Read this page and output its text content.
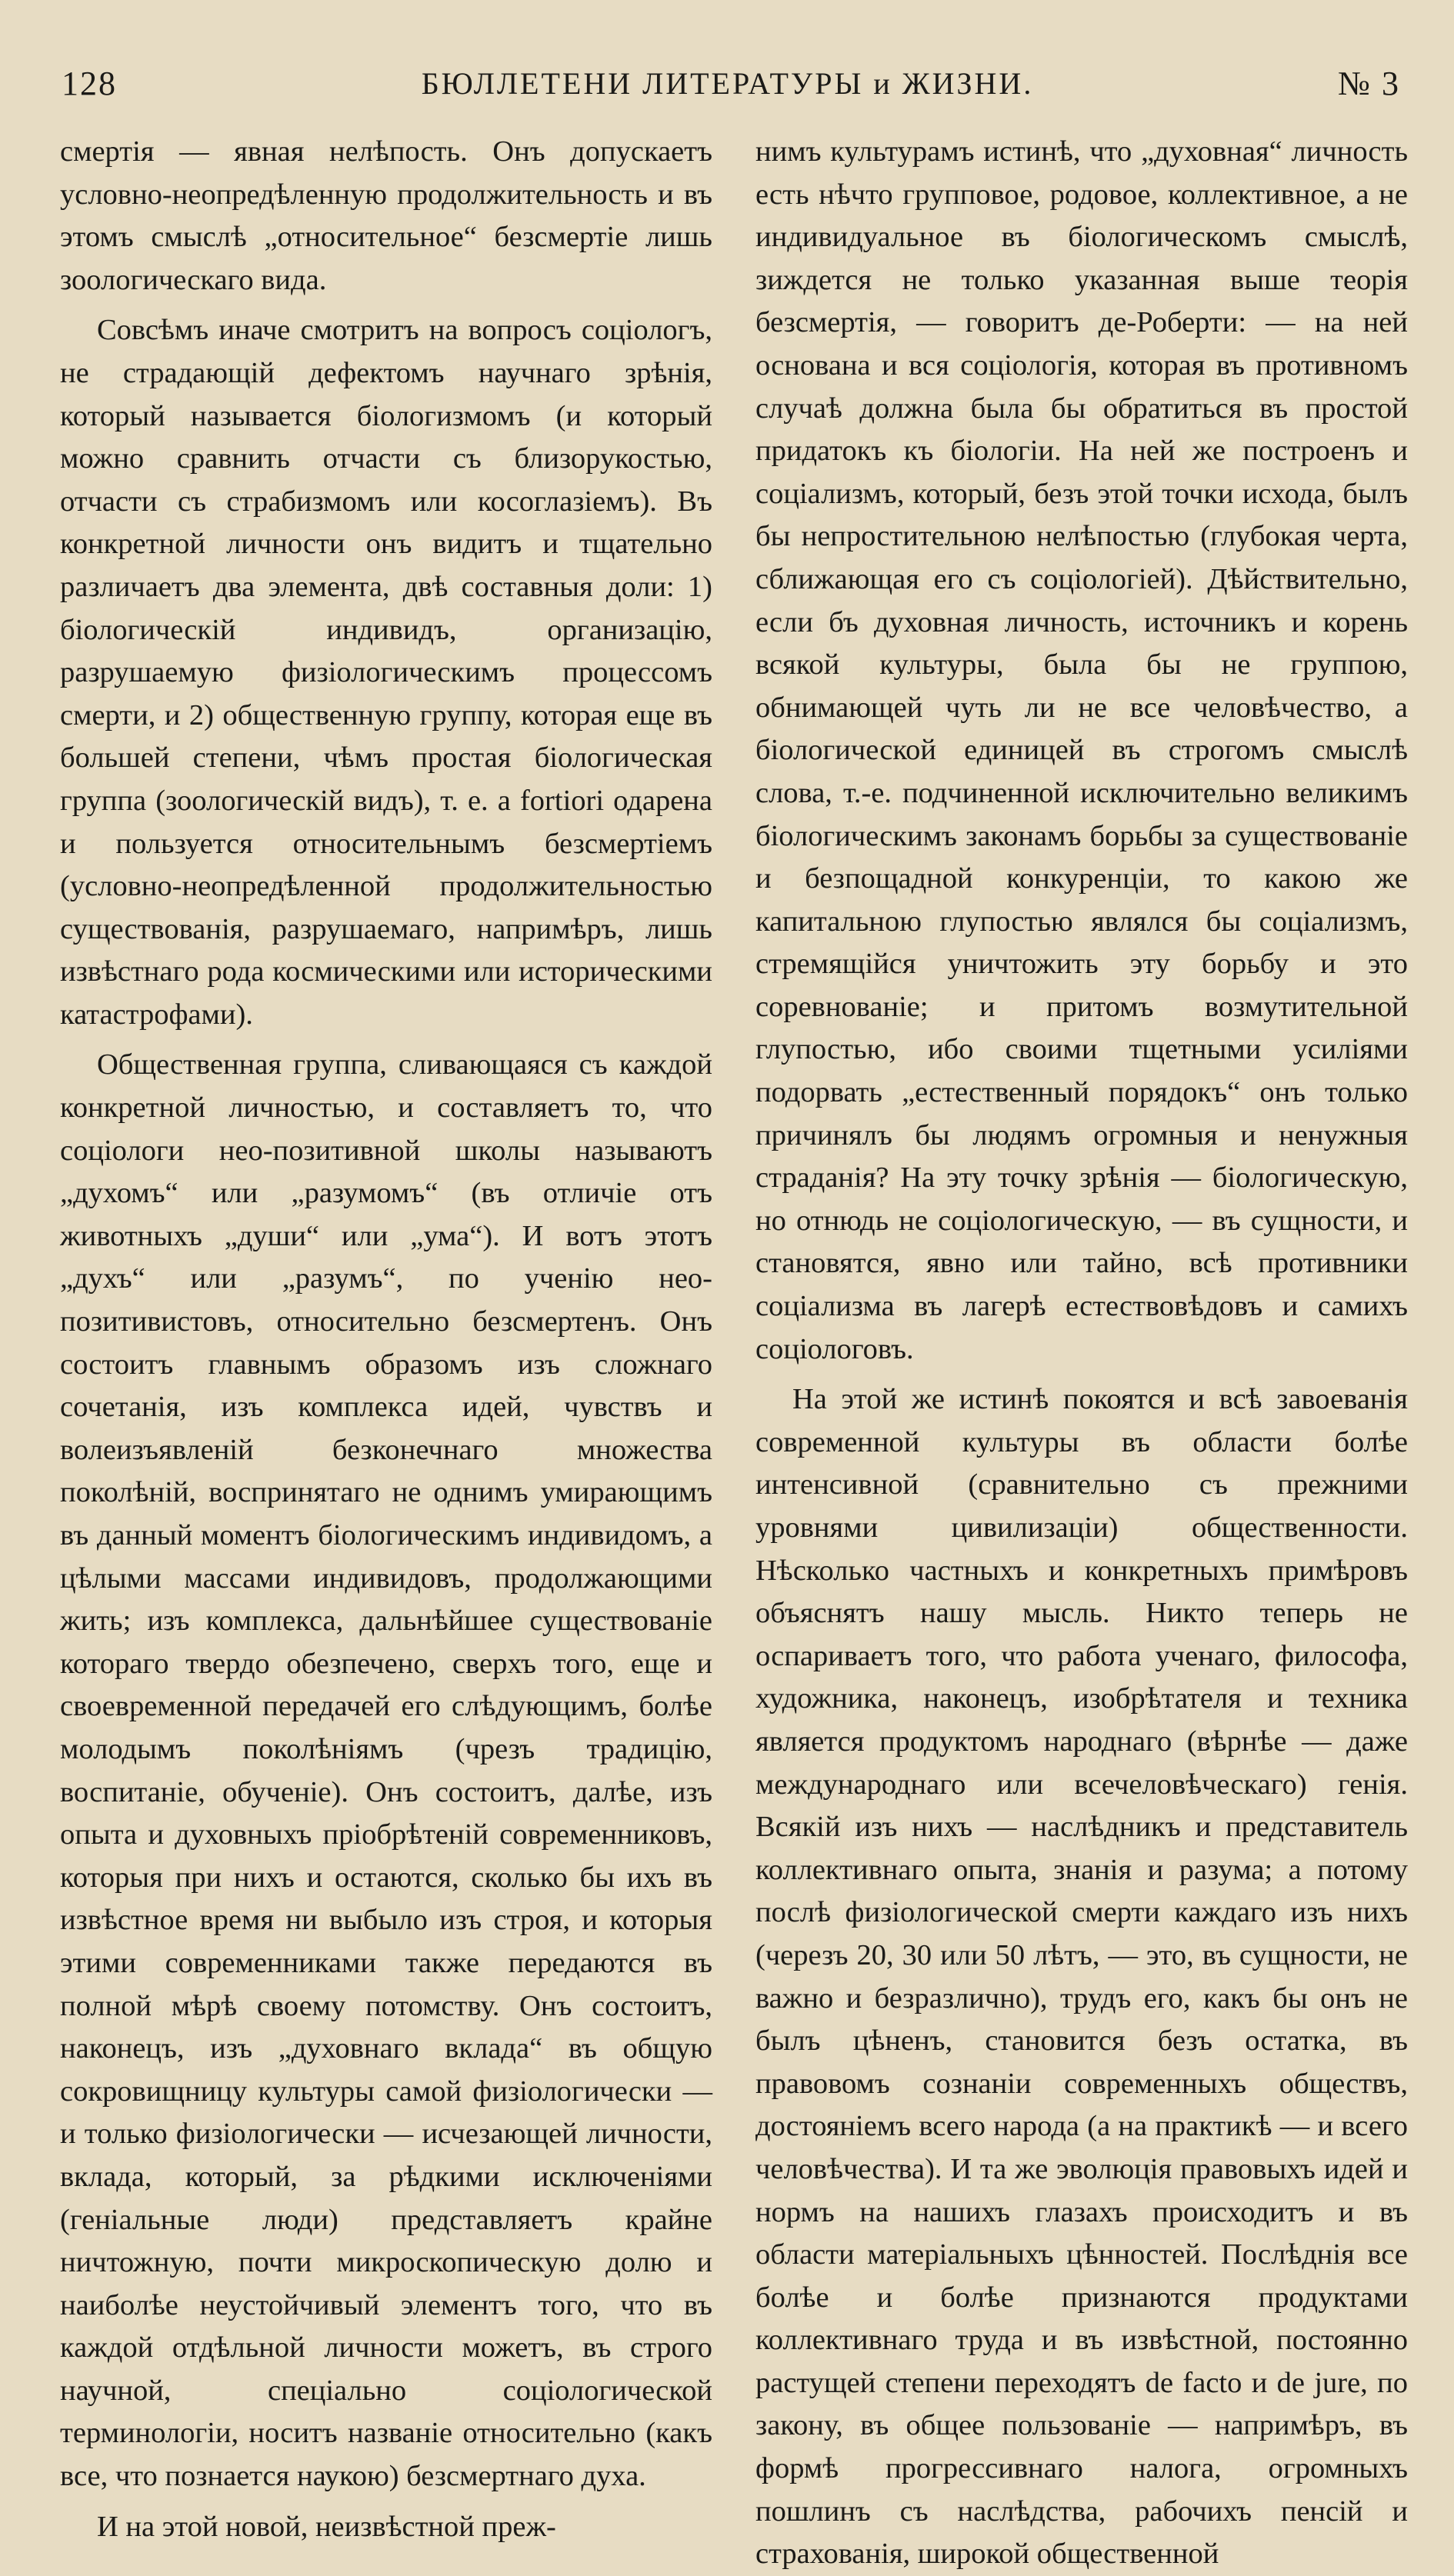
128	БЮЛЛЕТЕНИ ЛИТЕРАТУРЫ и ЖИЗНИ.	№ 3

смертія — явная нелѣпость. Онъ допускаетъ условно-неопредѣленную продолжительность и въ этомъ смыслѣ „относительное“ безсмертіе лишь зоологическаго вида.

Совсѣмъ иначе смотритъ на вопросъ соціологъ, не страдающій дефектомъ научнаго зрѣнія, который называется біологизмомъ (и который можно сравнить отчасти съ близорукостью, отчасти съ страбизмомъ или косоглазіемъ). Въ конкретной личности онъ видитъ и тщательно различаетъ два элемента, двѣ составныя доли: 1) біологическій индивидъ, организацію, разрушаемую физіологическимъ процессомъ смерти, и 2) общественную группу, которая еще въ большей степени, чѣмъ простая біологическая группа (зоологическій видъ), т. е. a fortiori одарена и пользуется относительнымъ безсмертіемъ (условно-неопредѣленной продолжительностью существованія, разрушаемаго, напримѣръ, лишь извѣстнаго рода космическими или историческими катастрофами).

Общественная группа, сливающаяся съ каждой конкретной личностью, и составляетъ то, что соціологи нео-позитивной школы называютъ „духомъ“ или „разумомъ“ (въ отличіе отъ животныхъ „души“ или „ума“). И вотъ этотъ „духъ“ или „разумъ“, по ученію нео-позитивистовъ, относительно безсмертенъ. Онъ состоитъ главнымъ образомъ изъ сложнаго сочетанія, изъ комплекса идей, чувствъ и волеизъявленій безконечнаго множества поколѣній, воспринятаго не однимъ умирающимъ въ данный моментъ біологическимъ индивидомъ, а цѣлыми массами индивидовъ, продолжающими жить; изъ комплекса, дальнѣйшее существованіе котораго твердо обезпечено, сверхъ того, еще и своевременной передачей его слѣдующимъ, болѣе молодымъ поколѣніямъ (чрезъ традицію, воспитаніе, обученіе). Онъ состоитъ, далѣе, изъ опыта и духовныхъ пріобрѣтеній современниковъ, которыя при нихъ и остаются, сколько бы ихъ въ извѣстное время ни выбыло изъ строя, и которыя этими современниками также передаются въ полной мѣрѣ своему потомству. Онъ состоитъ, наконецъ, изъ „духовнаго вклада“ въ общую сокровищницу культуры самой физіологически — и только физіологически — исчезающей личности, вклада, который, за рѣдкими исключеніями (геніальные люди) представляетъ крайне ничтожную, почти микроскопическую долю и наиболѣе неустойчивый элементъ того, что въ каждой отдѣльной личности можетъ, въ строго научной, спеціально соціологической терминологіи, носитъ названіе относительно (какъ все, что познается наукою) безсмертнаго духа.

И на этой новой, неизвѣстной преж-

нимъ культурамъ истинѣ, что „духовная“ личность есть нѣчто групповое, родовое, коллективное, а не индивидуальное въ біологическомъ смыслѣ, зиждется не только указанная выше теорія безсмертія, — говоритъ де-Роберти: — на ней основана и вся соціологія, которая въ противномъ случаѣ должна была бы обратиться въ простой придатокъ къ біологіи. На ней же построенъ и соціализмъ, который, безъ этой точки исхода, былъ бы непростительною нелѣпостью (глубокая черта, сближающая его съ соціологіей). Дѣйствительно, если бъ духовная личность, источникъ и корень всякой культуры, была бы не группою, обнимающей чуть ли не все человѣчество, а біологической единицей въ строгомъ смыслѣ слова, т.-е. подчиненной исключительно великимъ біологическимъ законамъ борьбы за существованіе и безпощадной конкуренціи, то какою же капитальною глупостью являлся бы соціализмъ, стремящійся уничтожить эту борьбу и это соревнованіе; и притомъ возмутительной глупостью, ибо своими тщетными усиліями подорвать „естественный порядокъ“ онъ только причинялъ бы людямъ огромныя и ненужныя страданія? На эту точку зрѣнія — біологическую, но отнюдь не соціологическую, — въ сущности, и становятся, явно или тайно, всѣ противники соціализма въ лагерѣ естествовѣдовъ и самихъ соціологовъ.

На этой же истинѣ покоятся и всѣ завоеванія современной культуры въ области болѣе интенсивной (сравнительно съ прежними уровнями цивилизаціи) общественности. Нѣсколько частныхъ и конкретныхъ примѣровъ объяснятъ нашу мысль. Никто теперь не оспариваетъ того, что работа ученаго, философа, художника, наконецъ, изобрѣтателя и техника является продуктомъ народнаго (вѣрнѣе — даже международнаго или всечеловѣческаго) генія. Всякій изъ нихъ — наслѣдникъ и представитель коллективнаго опыта, знанія и разума; а потому послѣ физіологической смерти каждаго изъ нихъ (черезъ 20, 30 или 50 лѣтъ, — это, въ сущности, не важно и безразлично), трудъ его, какъ бы онъ не былъ цѣненъ, становится безъ остатка, въ правовомъ сознаніи современныхъ обществъ, достояніемъ всего народа (а на практикѣ — и всего человѣчества). И та же эволюція правовыхъ идей и нормъ на нашихъ глазахъ происходитъ и въ области матеріальныхъ цѣнностей. Послѣднія все болѣе и болѣе признаются продуктами коллективнаго труда и въ извѣстной, постоянно растущей степени переходятъ de facto и de jure, по закону, въ общее пользованіе — напримѣръ, въ формѣ прогрессивнаго налога, огромныхъ пошлинъ съ наслѣдства, рабочихъ пенсій и страхованія, широкой общественной
